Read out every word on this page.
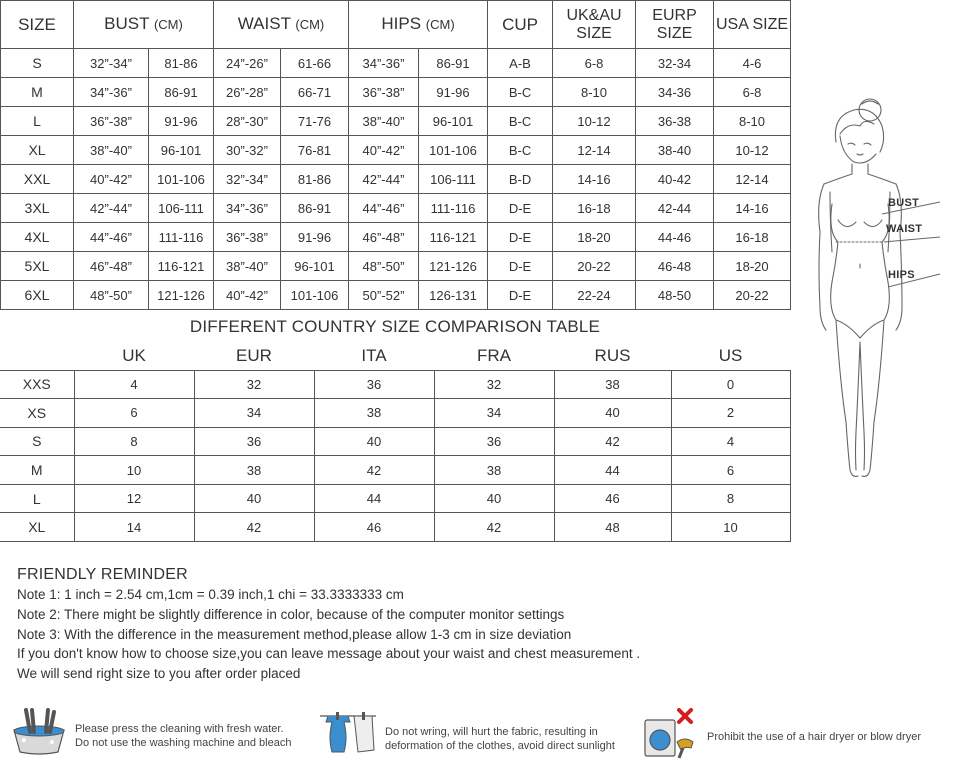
SIZE	BUST (CM)		WAIST (CM)		HIPS (CM)		CUP	UK&AU SIZE	EURP SIZE	USA SIZE
S	32”-34”	81-86	24”-26”	61-66	34”-36”	86-91	A-B	6-8	32-34	4-6
M	34”-36”	86-91	26”-28”	66-71	36”-38”	91-96	B-C	8-10	34-36	6-8
L	36”-38”	91-96	28”-30”	71-76	38”-40”	96-101	B-C	10-12	36-38	8-10
XL	38”-40”	96-101	30”-32”	76-81	40”-42”	101-106	B-C	12-14	38-40	10-12
XXL	40”-42”	101-106	32”-34”	81-86	42”-44”	106-111	B-D	14-16	40-42	12-14
3XL	42”-44”	106-111	34”-36”	86-91	44”-46”	111-116	D-E	16-18	42-44	14-16
4XL	44”-46”	111-116	36”-38”	91-96	46”-48”	116-121	D-E	18-20	44-46	16-18
5XL	46”-48”	116-121	38”-40”	96-101	48”-50”	121-126	D-E	20-22	46-48	18-20
6XL	48”-50”	121-126	40”-42”	101-106	50”-52”	126-131	D-E	22-24	48-50	20-22
DIFFERENT COUNTRY SIZE COMPARISON TABLE
	UK	EUR	ITA	FRA	RUS	US
XXS	4	32	36	32	38	0
XS	6	34	38	34	40	2
S	8	36	40	36	42	4
M	10	38	42	38	44	6
L	12	40	44	40	46	8
XL	14	42	46	42	48	10
BUST
WAIST
HIPS
FRIENDLY REMINDER

Note 1: 1 inch = 2.54 cm,1cm = 0.39 inch,1 chi = 33.3333333 cm

Note 2: There might be slightly difference in color, because of the computer monitor settings

Note 3: With the difference in the measurement method,please allow 1-3 cm in size deviation

If you don't know how to choose size,you can leave message about your waist and chest measurement .

We will send right size to you after order placed

Please press the cleaning with fresh water.
Do not use the washing machine and bleach
Do not wring, will hurt the fabric, resulting in
deformation of the clothes, avoid direct sunlight
Prohibit the use of a hair dryer or blow dryer
